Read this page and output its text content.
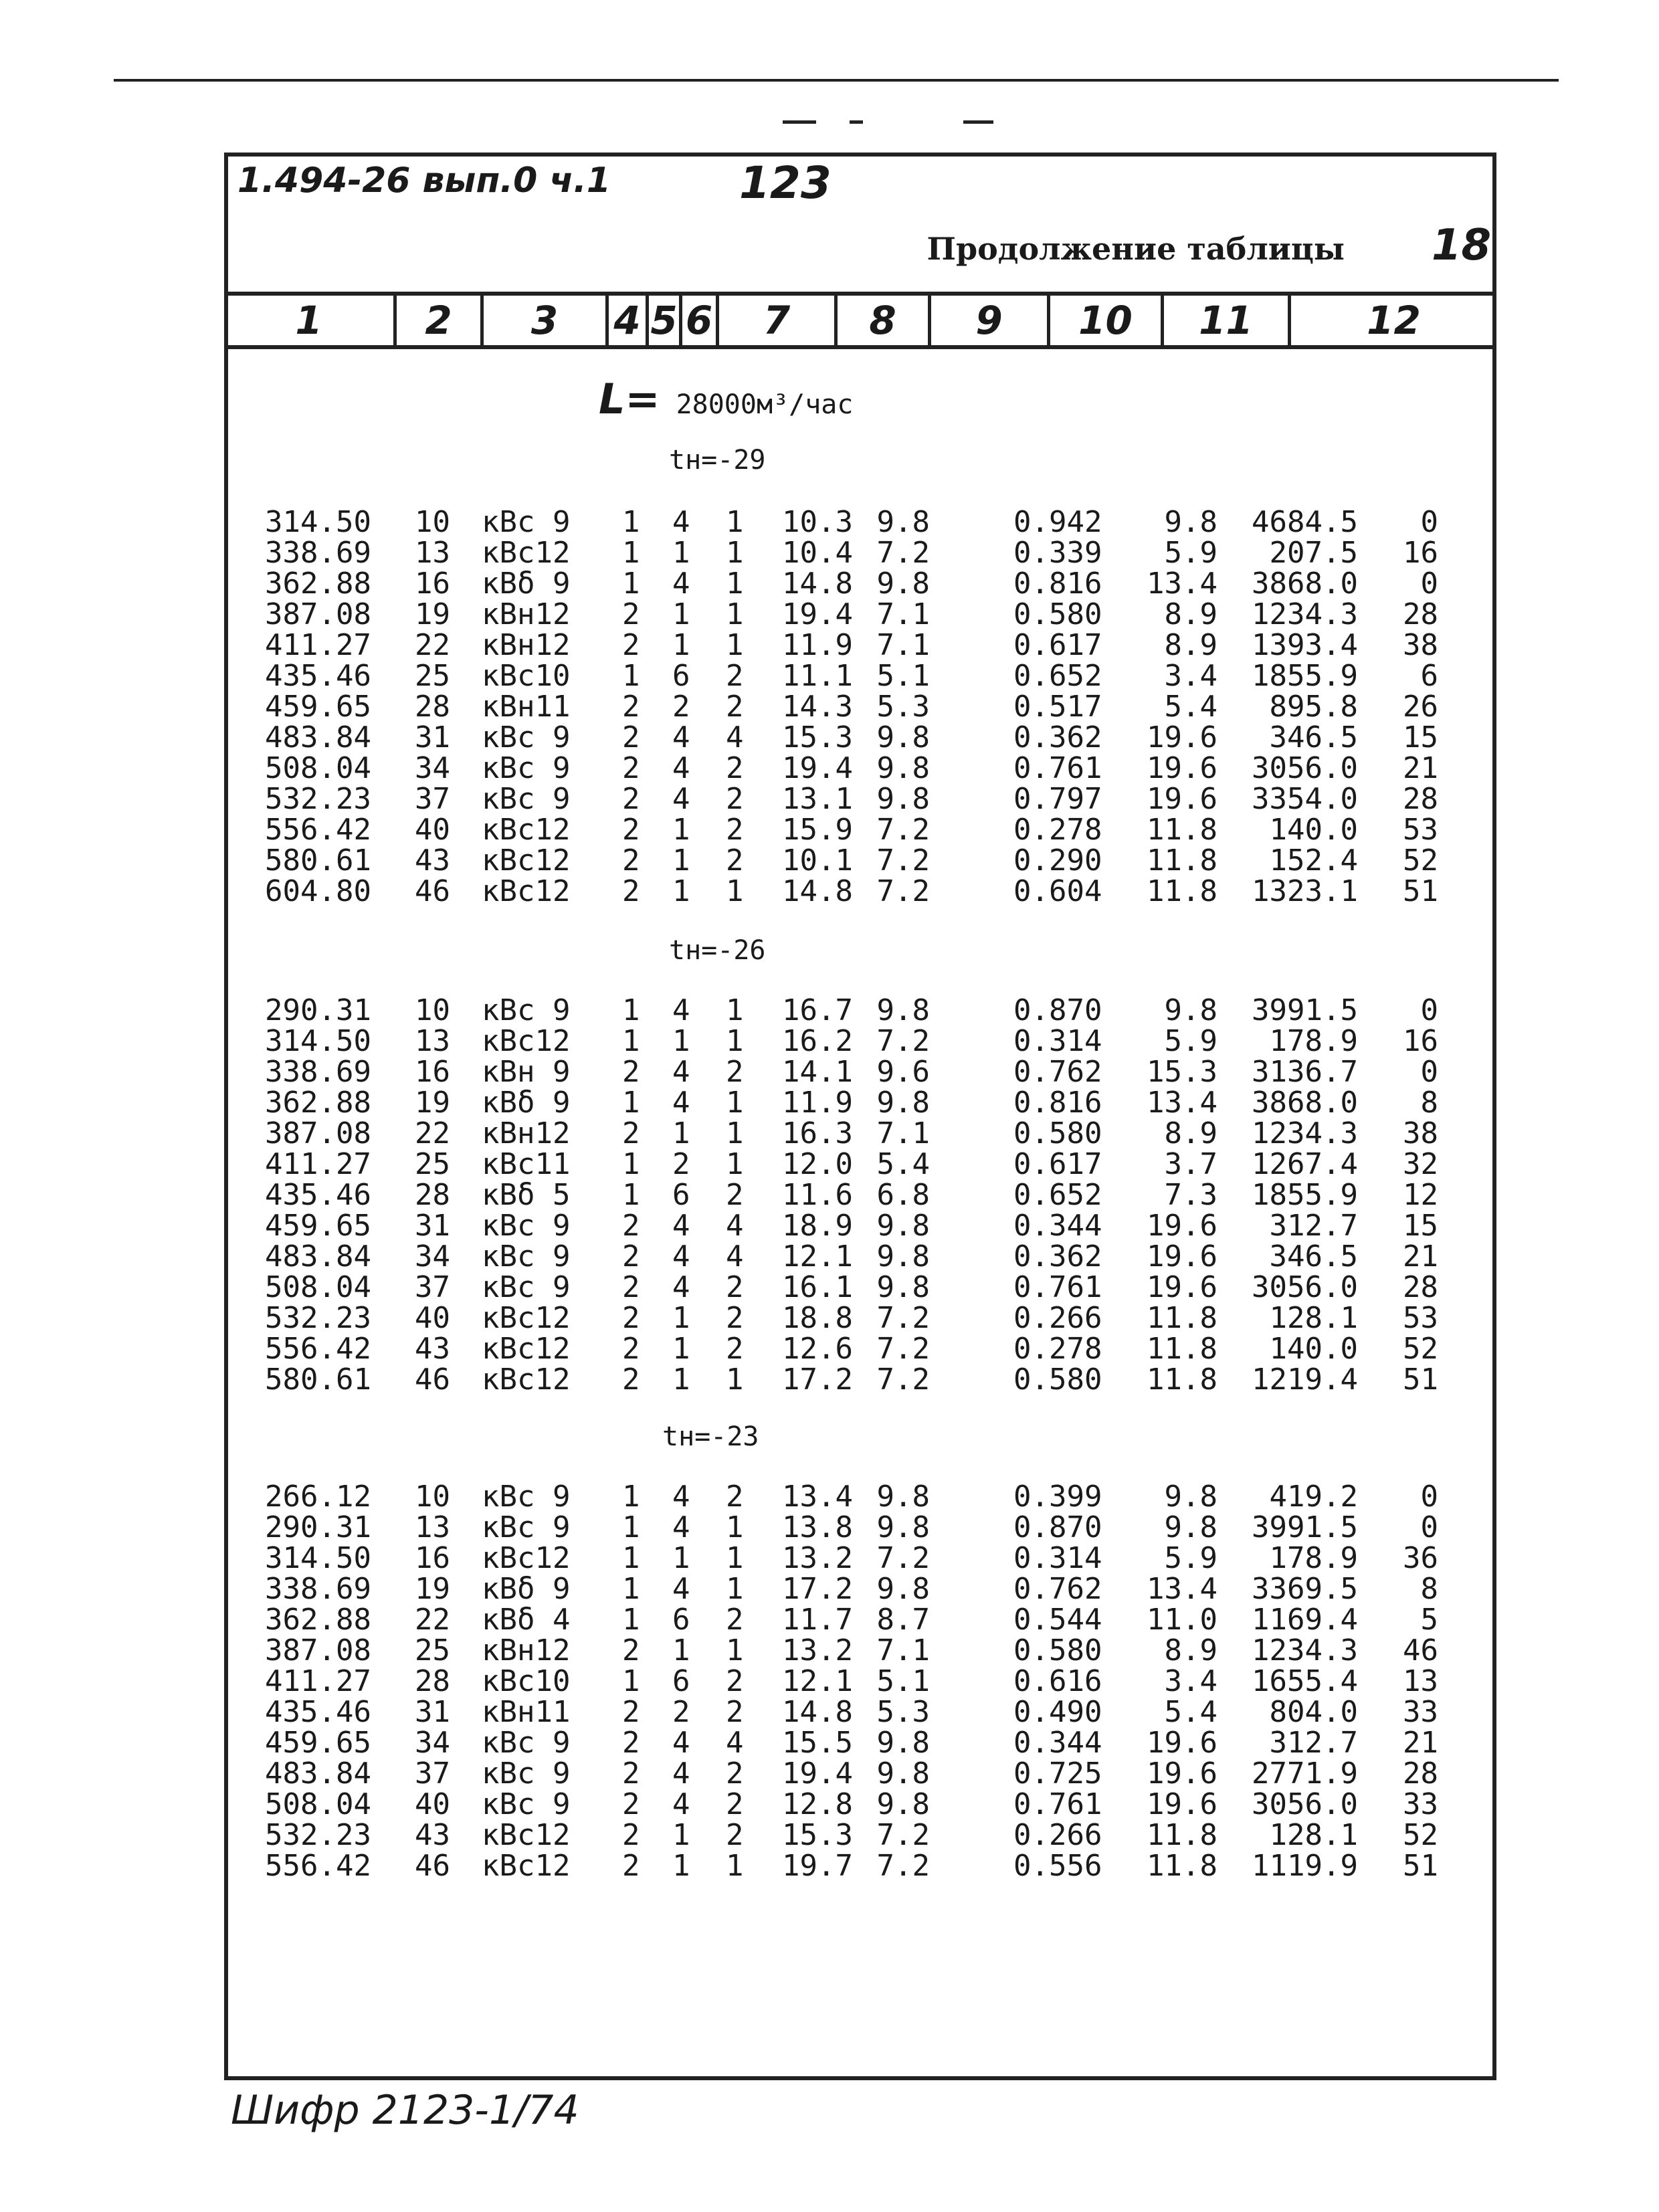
1.494-26 вып.0 ч.1	123
Продолжение таблицы 18
1	2	3	4 5 6	7	8	9	10	11	12
L= 28000м³/час
tн=-29
tн=-26
tн=-23
314.50 10 кВс 9 1 4 1 10.3 9.8	0.942 9.8 4684.5 0
338.69 13 кВс12 1 1 1 10.4 7.2	0.339 5.9 207.5 16
362.88 16 кВδ 9 1 4 1 14.8 9.8	0.816 13.4 3868.0 0
387.08 19 кВн12 2 1 1 19.4 7.1	0.580 8.9 1234.3 28
411.27 22 кВн12 2 1 1 11.9 7.1	0.617 8.9 1393.4 38
435.46 25 кВс10 1 6 2 11.1 5.1	0.652 3.4 1855.9 6
459.65 28 кВн11 2 2 2 14.3 5.3	0.517 5.4 895.8 26
483.84 31 кВс 9 2 4 4 15.3 9.8	0.362 19.6 346.5 15
508.04 34 кВс 9 2 4 2 19.4 9.8	0.761 19.6 3056.0 21
532.23 37 кВс 9 2 4 2 13.1 9.8	0.797 19.6 3354.0 28
556.42 40 кВс12 2 1 2 15.9 7.2	0.278 11.8 140.0 53
580.61 43 кВс12 2 1 2 10.1 7.2	0.290 11.8 152.4 52
604.80 46 кВс12 2 1 1 14.8 7.2	0.604 11.8 1323.1 51
290.31 10 кВс 9 1 4 1 16.7 9.8	0.870 9.8 3991.5 0
314.50 13 кВс12 1 1 1 16.2 7.2	0.314 5.9 178.9 16
338.69 16 кВн 9 2 4 2 14.1 9.6	0.762 15.3 3136.7 0
362.88 19 кВδ 9 1 4 1 11.9 9.8	0.816 13.4 3868.0 8
387.08 22 кВн12 2 1 1 16.3 7.1	0.580 8.9 1234.3 38
411.27 25 кВс11 1 2 1 12.0 5.4	0.617 3.7 1267.4 32
435.46 28 кВδ 5 1 6 2 11.6 6.8	0.652 7.3 1855.9 12
459.65 31 кВс 9 2 4 4 18.9 9.8	0.344 19.6 312.7 15
483.84 34 кВс 9 2 4 4 12.1 9.8	0.362 19.6 346.5 21
508.04 37 кВс 9 2 4 2 16.1 9.8	0.761 19.6 3056.0 28
532.23 40 кВс12 2 1 2 18.8 7.2	0.266 11.8 128.1 53
556.42 43 кВс12 2 1 2 12.6 7.2	0.278 11.8 140.0 52
580.61 46 кВс12 2 1 1 17.2 7.2	0.580 11.8 1219.4 51
266.12 10 кВс 9 1 4 2 13.4 9.8	0.399 9.8 419.2 0
290.31 13 кВс 9 1 4 1 13.8 9.8	0.870 9.8 3991.5 0
314.50 16 кВс12 1 1 1 13.2 7.2	0.314 5.9 178.9 36
338.69 19 кВδ 9 1 4 1 17.2 9.8	0.762 13.4 3369.5 8
362.88 22 кВδ 4 1 6 2 11.7 8.7	0.544 11.0 1169.4 5
387.08 25 кВн12 2 1 1 13.2 7.1	0.580 8.9 1234.3 46
411.27 28 кВс10 1 6 2 12.1 5.1	0.616 3.4 1655.4 13
435.46 31 кВн11 2 2 2 14.8 5.3	0.490 5.4 804.0 33
459.65 34 кВс 9 2 4 4 15.5 9.8	0.344 19.6 312.7 21
483.84 37 кВс 9 2 4 2 19.4 9.8	0.725 19.6 2771.9 28
508.04 40 кВс 9 2 4 2 12.8 9.8	0.761 19.6 3056.0 33
532.23 43 кВс12 2 1 2 15.3 7.2	0.266 11.8 128.1 52
556.42 46 кВс12 2 1 1 19.7 7.2	0.556 11.8 1119.9 51
Шифр 2123-1/74
